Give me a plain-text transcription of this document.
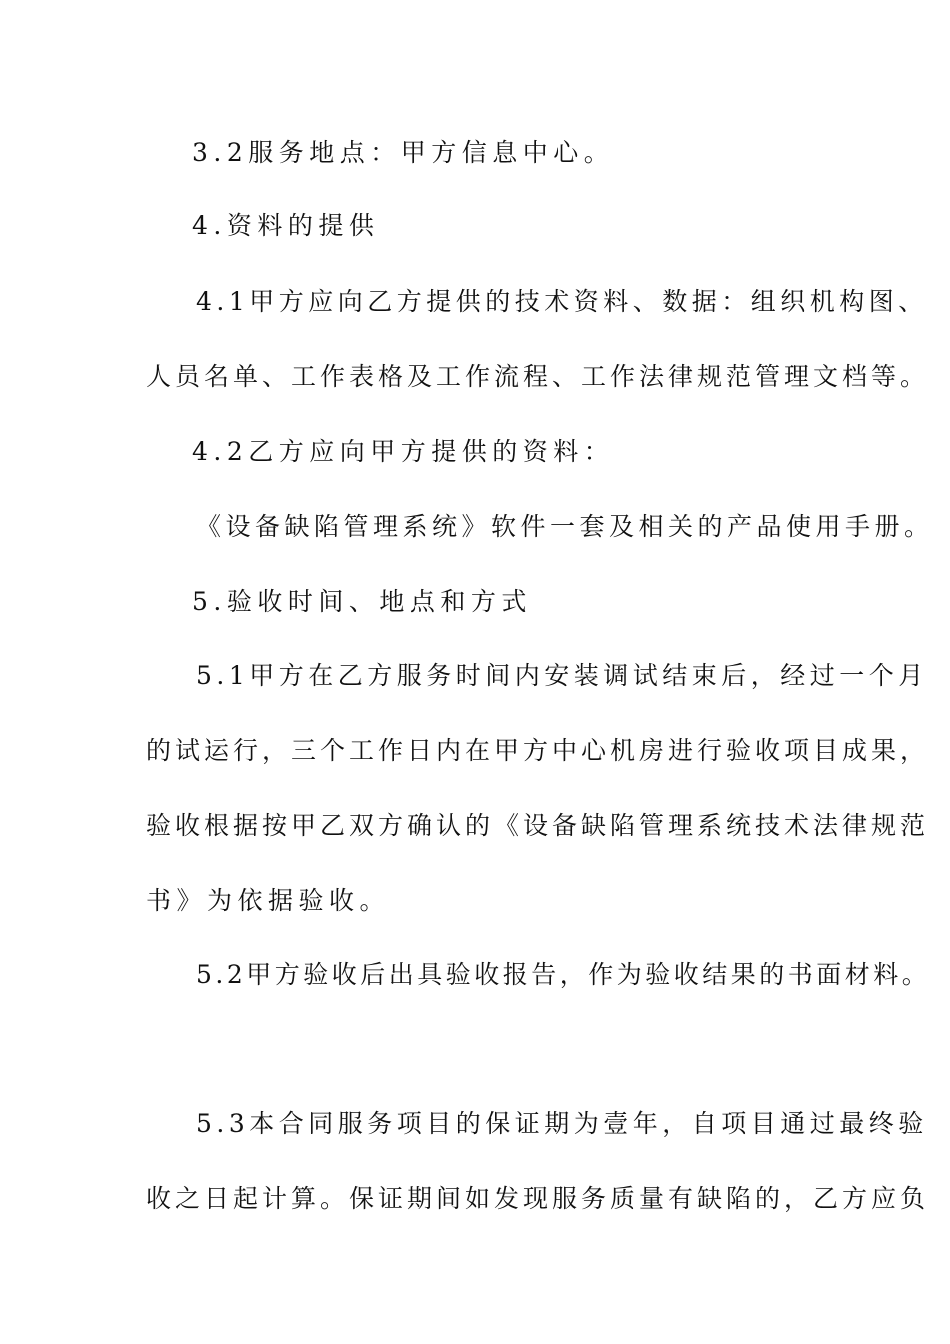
3.2服务地点：甲方信息中心。

4.资料的提供

4.1甲方应向乙方提供的技术资料、数据：组织机构图、

人员名单、工作表格及工作流程、工作法律规范管理文档等。

4.2乙方应向甲方提供的资料：

《设备缺陷管理系统》软件一套及相关的产品使用手册。

5.验收时间、地点和方式

5.1甲方在乙方服务时间内安装调试结束后，经过一个月

的试运行，三个工作日内在甲方中心机房进行验收项目成果，

验收根据按甲乙双方确认的《设备缺陷管理系统技术法律规范

书》为依据验收。

5.2甲方验收后出具验收报告，作为验收结果的书面材料。

5.3本合同服务项目的保证期为壹年，自项目通过最终验

收之日起计算。保证期间如发现服务质量有缺陷的，乙方应负
